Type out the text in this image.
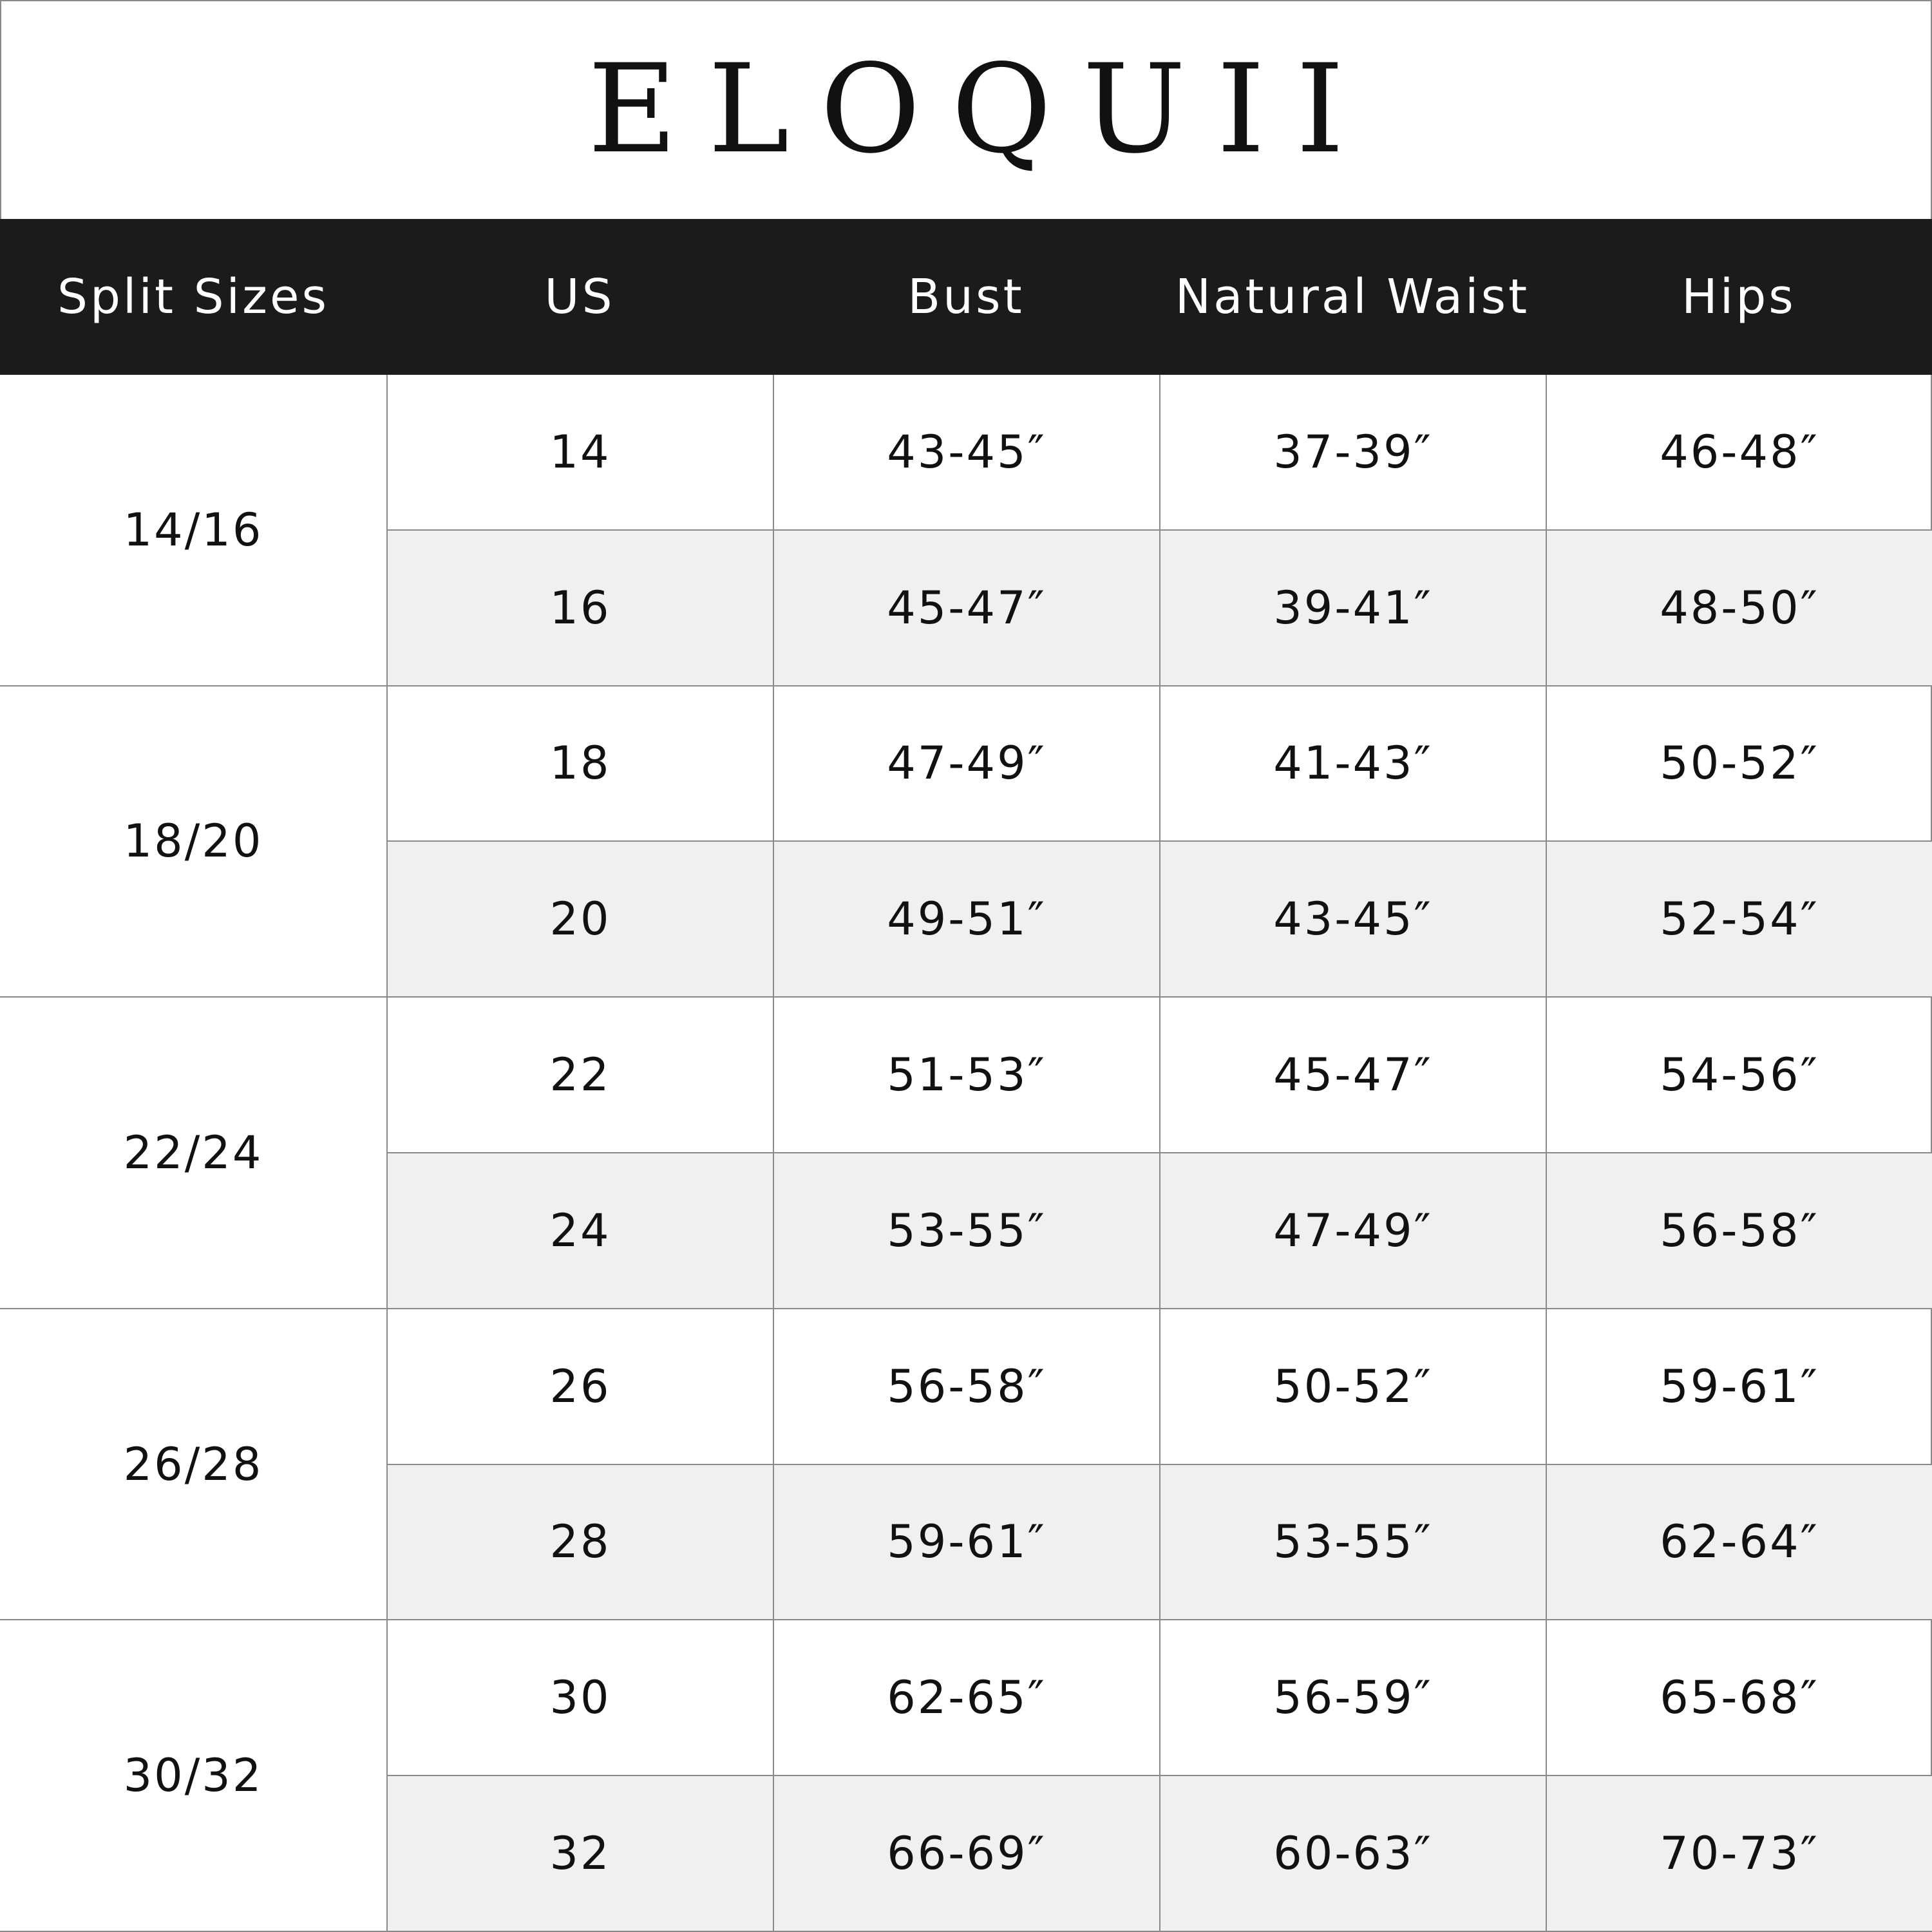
ELOQUII
Split Sizes	US	Bust	Natural Waist	Hips
14/16
14	43-45″	37-39″	46-48″
16	45-47″	39-41″	48-50″
18/20
18	47-49″	41-43″	50-52″
20	49-51″	43-45″	52-54″
22/24
22	51-53″	45-47″	54-56″
24	53-55″	47-49″	56-58″
26/28
26	56-58″	50-52″	59-61″
28	59-61″	53-55″	62-64″
30/32
30	62-65″	56-59″	65-68″
32	66-69″	60-63″	70-73″
